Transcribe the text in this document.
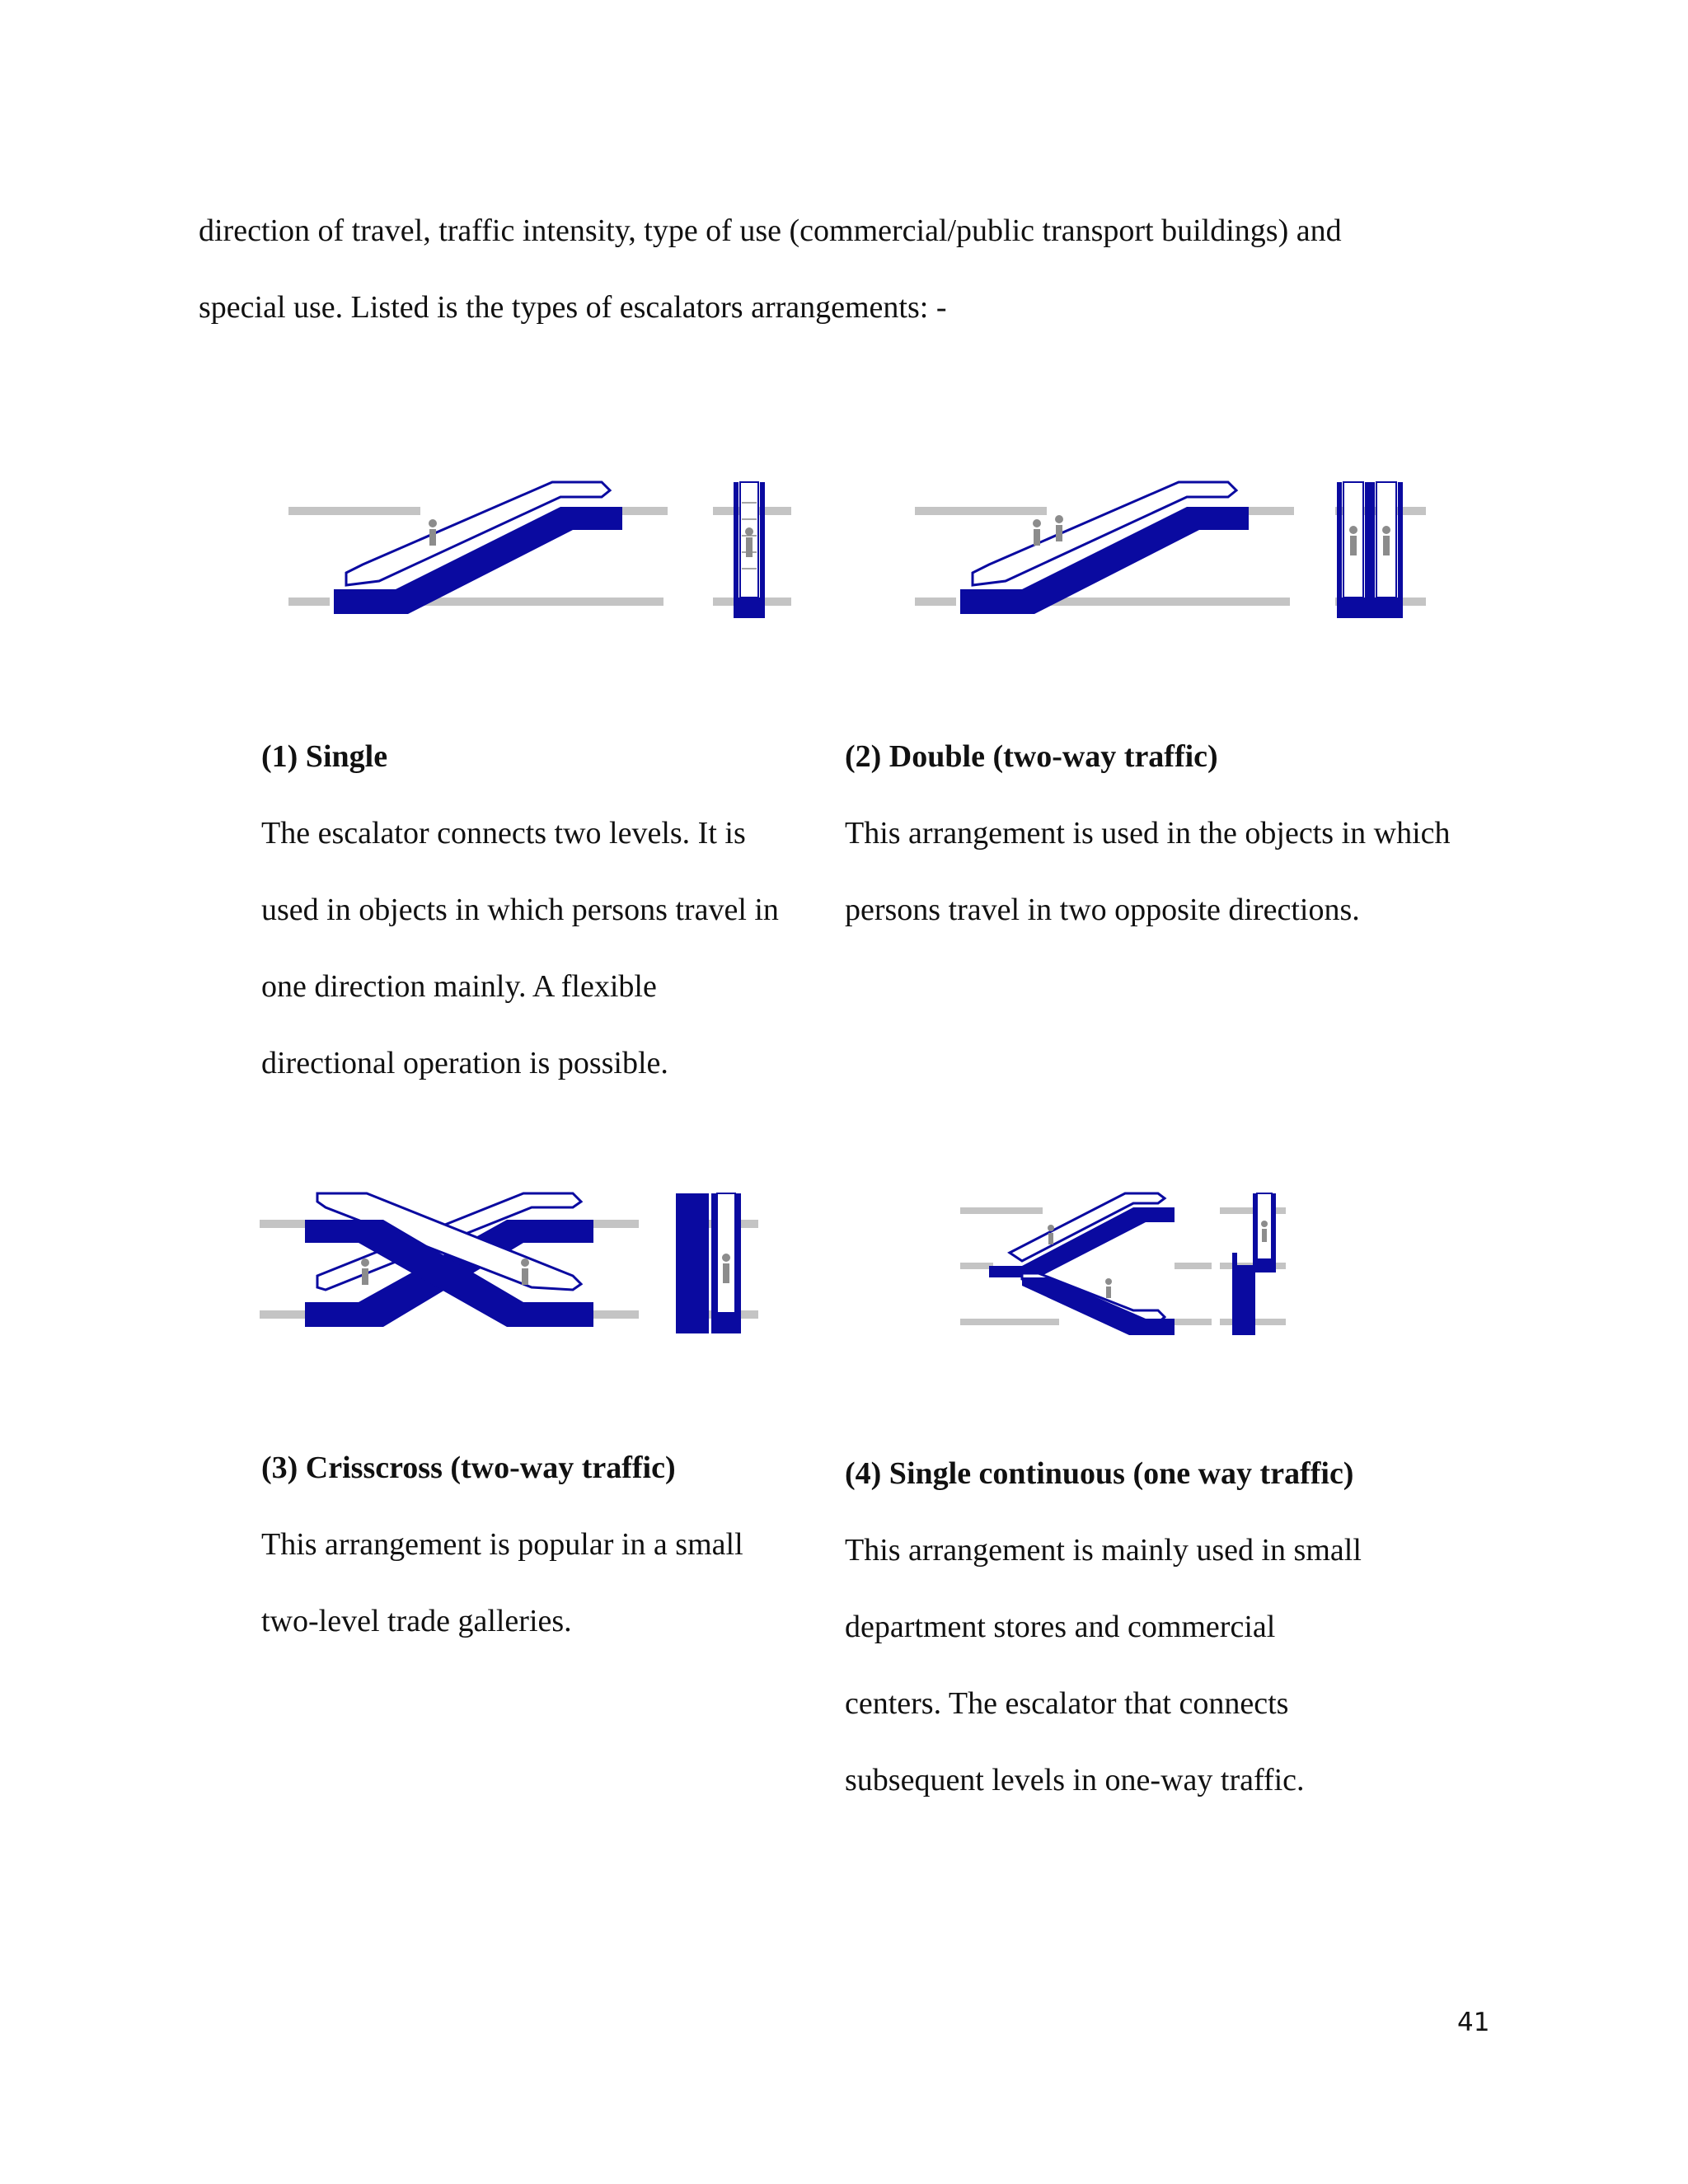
direction of travel, traffic intensity, type of use (commercial/public transport buildings) and

special use. Listed is the types of escalators arrangements: -

(1) Single

The escalator connects two levels. It is

used in objects in which persons travel in

one direction mainly. A flexible

directional operation is possible.

(2) Double (two-way traffic)

This arrangement is used in the objects in which

persons travel in two opposite directions.

(3) Crisscross (two-way traffic)

This arrangement is popular in a small

two-level trade galleries.

(4) Single continuous (one way traffic)

This arrangement is mainly used in small

department stores and commercial

centers. The escalator that connects

subsequent levels in one-way traffic.

41
